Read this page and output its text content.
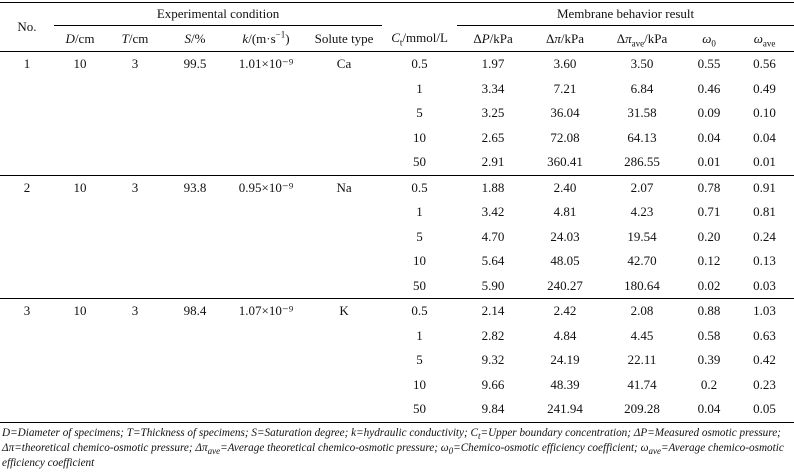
No.	Experimental condition						Membrane behavior result				
	D/cm	T/cm	S/%	$k/(m\cdot s^{-1})$	Solute type	$C_t/mmol/L$	ΔP/kPa	Δπ/kPa	$\Delta\pi_{ave}$/kPa	$\omega_0$	$\omega_{ave}$
1	10	3	99.5	1.01×10⁻⁹	Ca	0.5	1.97	3.60	3.50	0.55	0.56
						1	3.34	7.21	6.84	0.46	0.49
						5	3.25	36.04	31.58	0.09	0.10
						10	2.65	72.08	64.13	0.04	0.04
						50	2.91	360.41	286.55	0.01	0.01
2	10	3	93.8	0.95×10⁻⁹	Na	0.5	1.88	2.40	2.07	0.78	0.91
						1	3.42	4.81	4.23	0.71	0.81
						5	4.70	24.03	19.54	0.20	0.24
						10	5.64	48.05	42.70	0.12	0.13
						50	5.90	240.27	180.64	0.02	0.03
3	10	3	98.4	1.07×10⁻⁹	K	0.5	2.14	2.42	2.08	0.88	1.03
						1	2.82	4.84	4.45	0.58	0.63
						5	9.32	24.19	22.11	0.39	0.42
						10	9.66	48.39	41.74	0.2	0.23
						50	9.84	241.94	209.28	0.04	0.05
D=Diameter of specimens; T=Thickness of specimens; S=Saturation degree; k=hydraulic conductivity; $C_t=Upper$ boundary concentration; ΔP=Measured osmotic pressure; Δπ=theoretical chemico-osmotic pressure; $\Delta\pi_{ave}=Average$ theoretical chemico-osmotic pressure; $\omega_0=Chemico$-osmotic efficiency coefficient; $\omega_{ave}=Average$ chemico-osmotic efficiency coefficient
